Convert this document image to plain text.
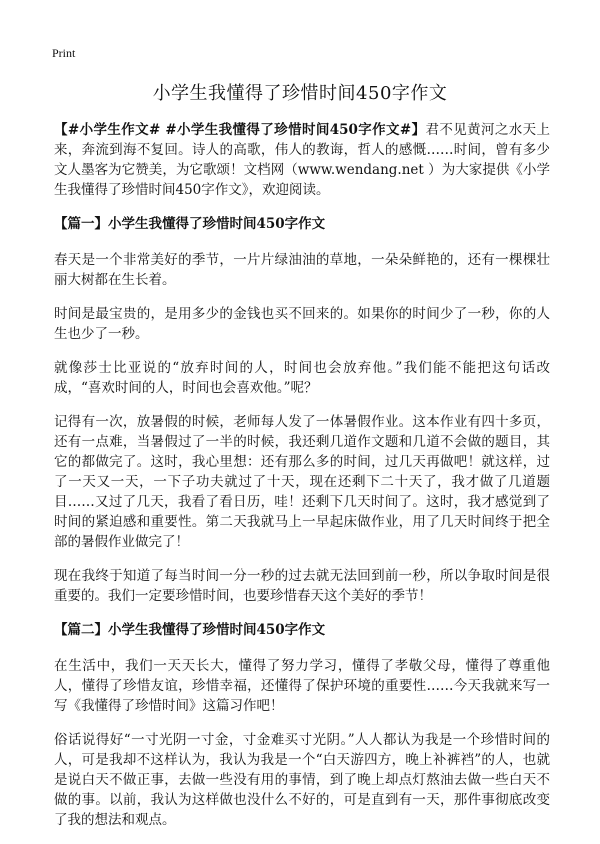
Print
小学生我懂得了珍惜时间450字作文

【#小学生作文# #小学生我懂得了珍惜时间450字作文#】君不见黄河之水天上来，奔流到海不复回。诗人的高歌，伟人的教诲，哲人的感慨……时间，曾有多少文人墨客为它赞美，为它歌颂！文档网（www.wendang.net ）为大家提供《小学生我懂得了珍惜时间450字作文》，欢迎阅读。

【篇一】小学生我懂得了珍惜时间450字作文

春天是一个非常美好的季节，一片片绿油油的草地，一朵朵鲜艳的，还有一棵棵壮丽大树都在生长着。

时间是最宝贵的，是用多少的金钱也买不回来的。如果你的时间少了一秒，你的人生也少了一秒。

就像莎士比亚说的“放弃时间的人，时间也会放弃他。”我们能不能把这句话改成，“喜欢时间的人，时间也会喜欢他。”呢？

记得有一次，放暑假的时候，老师每人发了一体暑假作业。这本作业有四十多页，还有一点难，当暑假过了一半的时候，我还剩几道作文题和几道不会做的题目，其它的都做完了。这时，我心里想：还有那么多的时间，过几天再做吧！就这样，过了一天又一天，一下子功夫就过了十天，现在还剩下二十天了，我才做了几道题目……又过了几天，我看了看日历，哇！还剩下几天时间了。这时，我才感觉到了时间的紧迫感和重要性。第二天我就马上一早起床做作业，用了几天时间终于把全部的暑假作业做完了！

现在我终于知道了每当时间一分一秒的过去就无法回到前一秒，所以争取时间是很重要的。我们一定要珍惜时间，也要珍惜春天这个美好的季节！

【篇二】小学生我懂得了珍惜时间450字作文

在生活中，我们一天天长大，懂得了努力学习，懂得了孝敬父母，懂得了尊重他人，懂得了珍惜友谊，珍惜幸福，还懂得了保护环境的重要性……今天我就来写一写《我懂得了珍惜时间》这篇习作吧！

俗话说得好“一寸光阴一寸金，寸金难买寸光阴。”人人都认为我是一个珍惜时间的人，可是我却不这样认为，我认为我是一个“白天游四方，晚上补裤裆”的人，也就是说白天不做正事，去做一些没有用的事情，到了晚上却点灯熬油去做一些白天不做的事。以前，我认为这样做也没什么不好的，可是直到有一天，那件事彻底改变了我的想法和观点。
